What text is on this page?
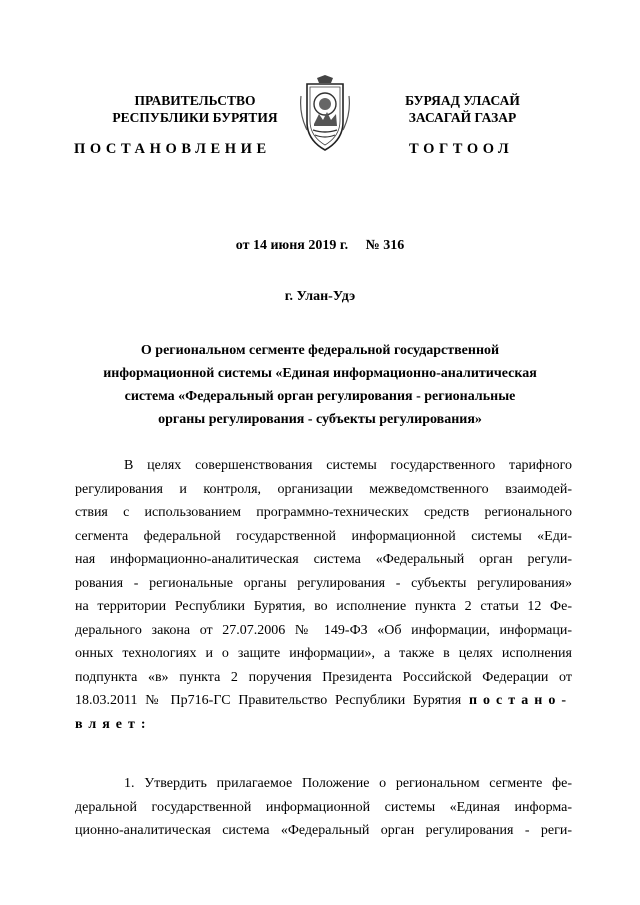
ПРАВИТЕЛЬСТВО
РЕСПУБЛИКИ БУРЯТИЯ
ПОСТАНОВЛЕНИЕ
БУРЯАД УЛАСАЙ
ЗАСАГАЙ ГАЗАР
ТОГТООЛ
от 14 июня 2019 г. № 316
г. Улан-Удэ
О региональном сегменте федеральной государственной
информационной системы «Единая информационно-аналитическая
система «Федеральный орган регулирования - региональные
органы регулирования - субъекты регулирования»
В целях совершенствования системы государственного тарифного
регулирования и контроля, организации межведомственного взаимодей-
ствия с использованием программно-технических средств регионального
сегмента федеральной государственной информационной системы «Еди-
ная информационно-аналитическая система «Федеральный орган регули-
рования - региональные органы регулирования - субъекты регулирования»
на территории Республики Бурятия, во исполнение пункта 2 статьи 12 Фе-
дерального закона от 27.07.2006 № 149-ФЗ «Об информации, информаци-
онных технологиях и о защите информации», а также в целях исполнения
подпункта «в» пункта 2 поручения Президента Российской Федерации от
18.03.2011 № Пр716-ГС Правительство Республики Бурятия постано-
вляет:
1. Утвердить прилагаемое Положение о региональном сегменте фе-
деральной государственной информационной системы «Единая информа-
ционно-аналитическая система «Федеральный орган регулирования - реги-
